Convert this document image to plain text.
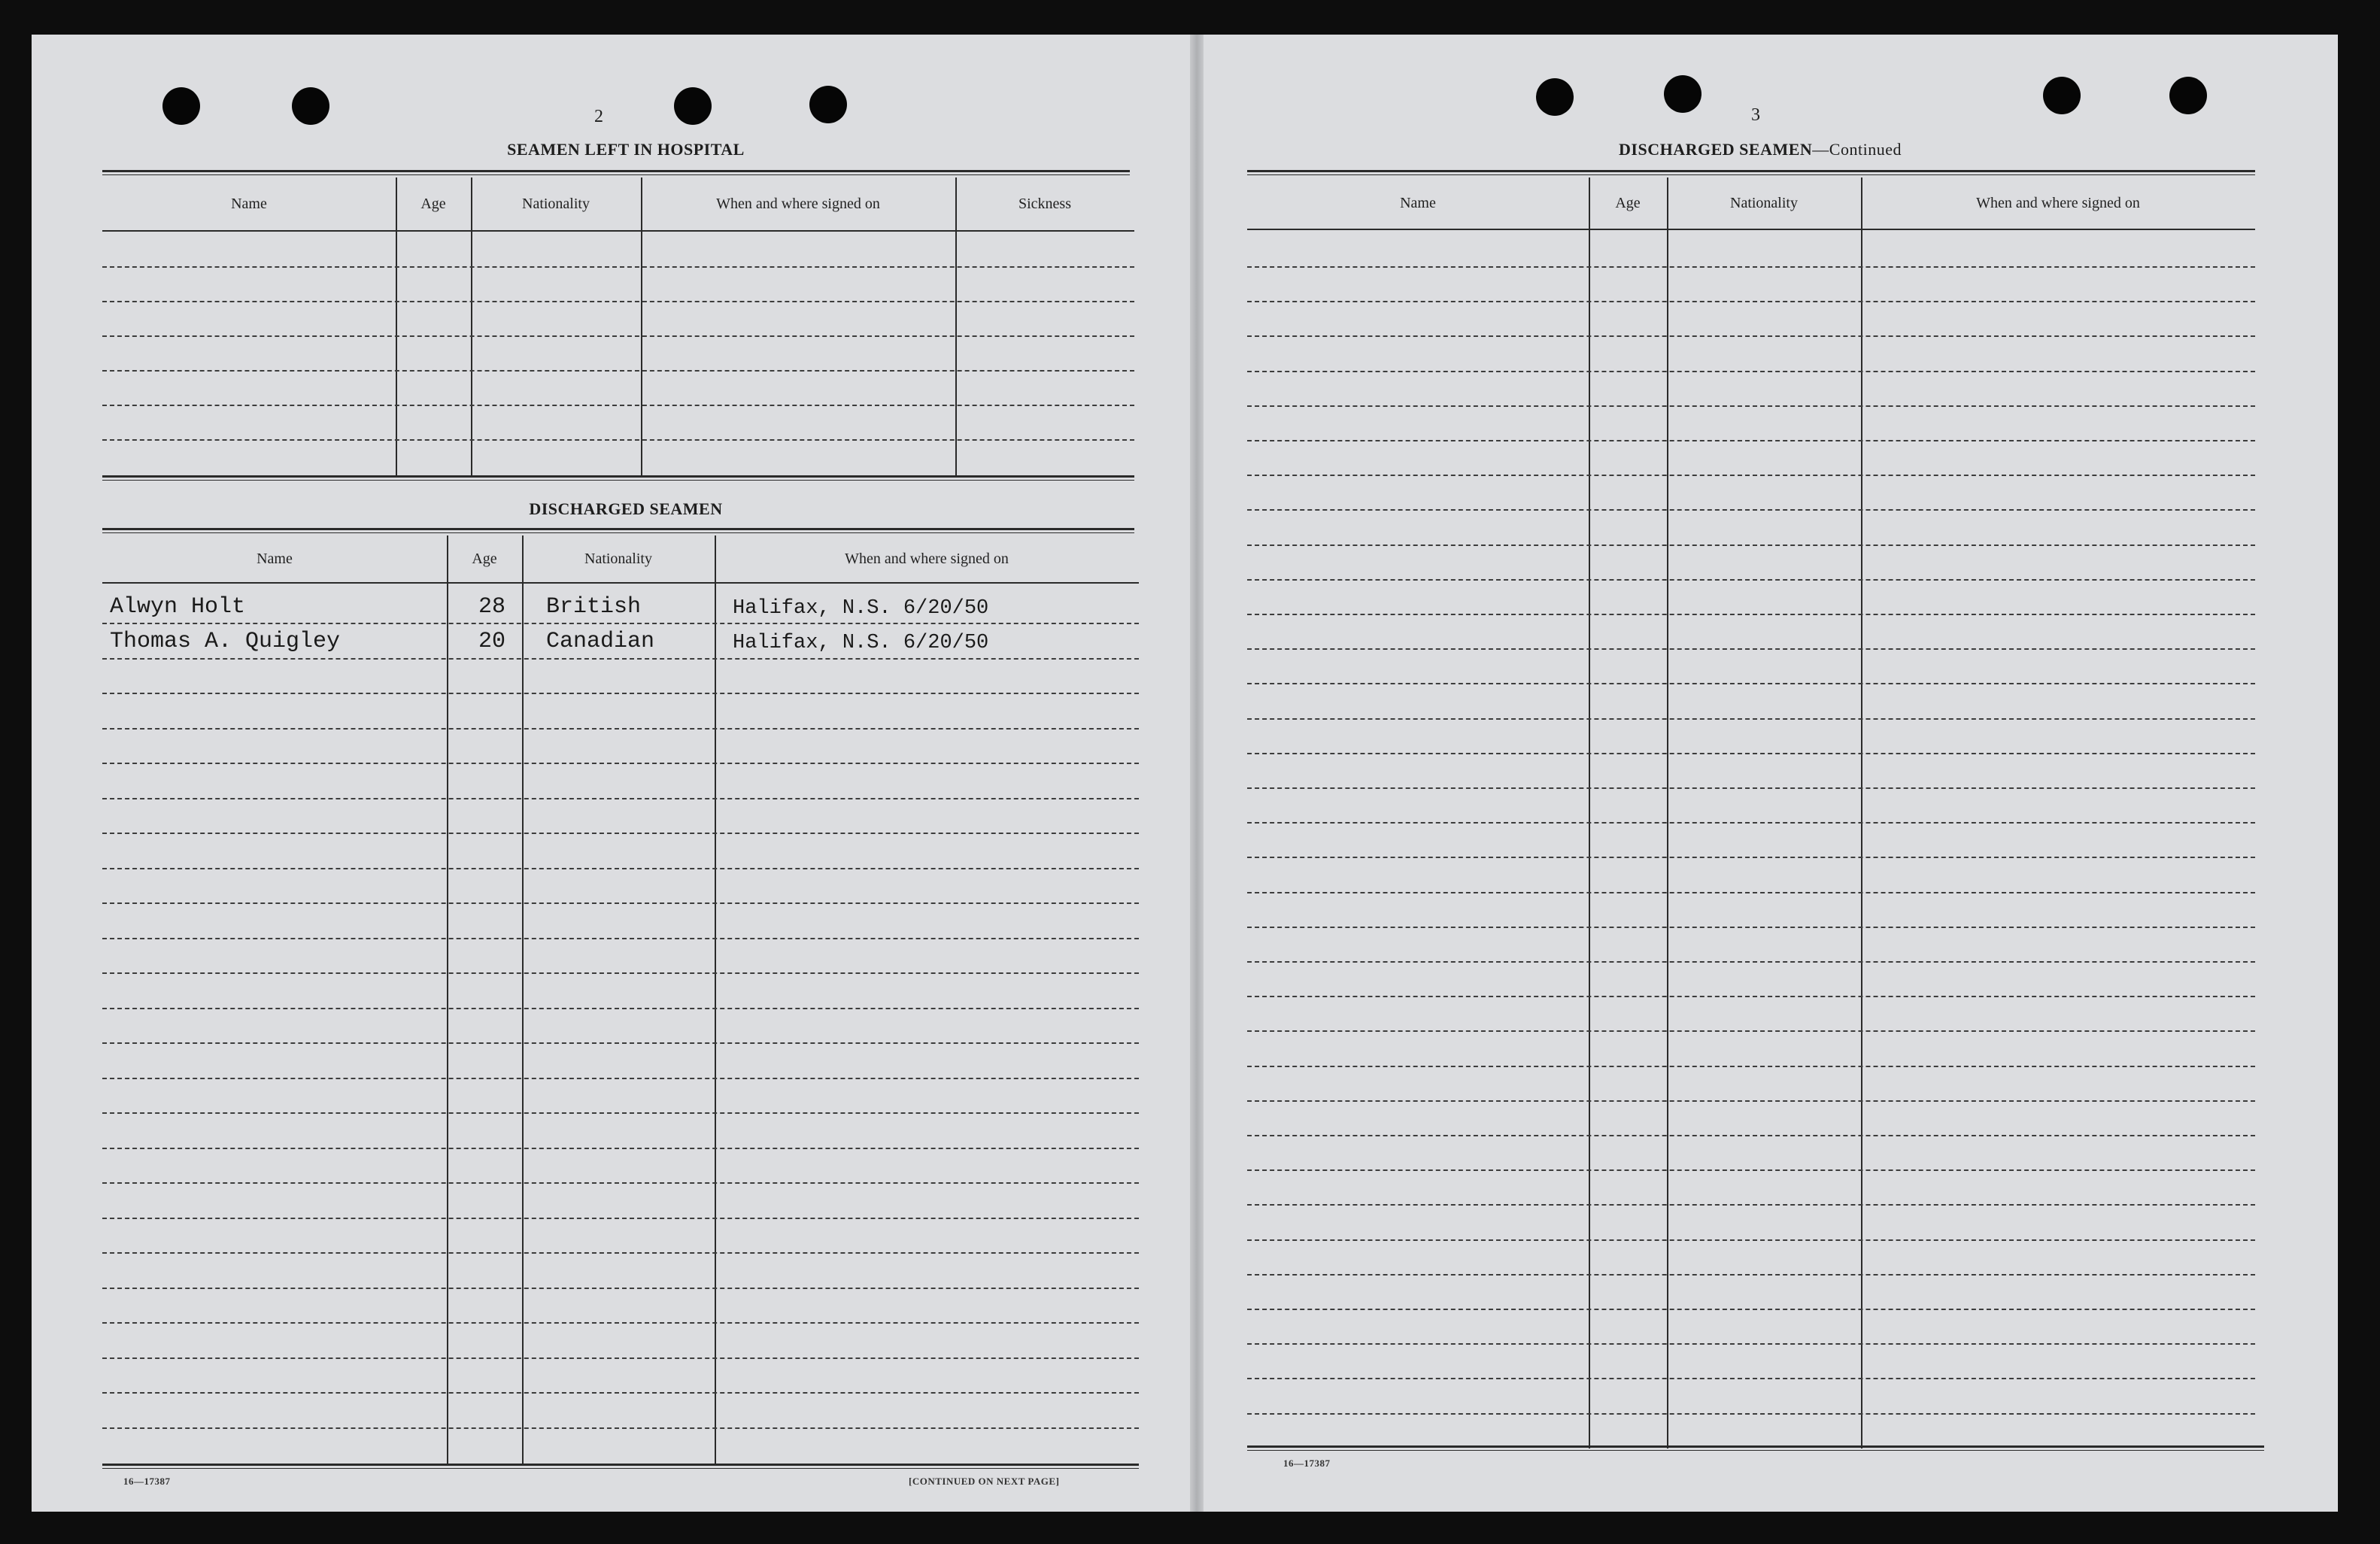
2
SEAMEN LEFT IN HOSPITAL
Name	Age	Nationality	When and where signed on	Sickness
DISCHARGED SEAMEN
Name	Age	Nationality	When and where signed on
Alwyn Holt	28 British	Halifax, N.S. 6/20/50
Thomas A. Quigley	20 Canadian	Halifax, N.S. 6/20/50
16—17387	[CONTINUED ON NEXT PAGE]
3
DISCHARGED SEAMEN—Continued
Name	Age	Nationality	When and where signed on
16—17387
